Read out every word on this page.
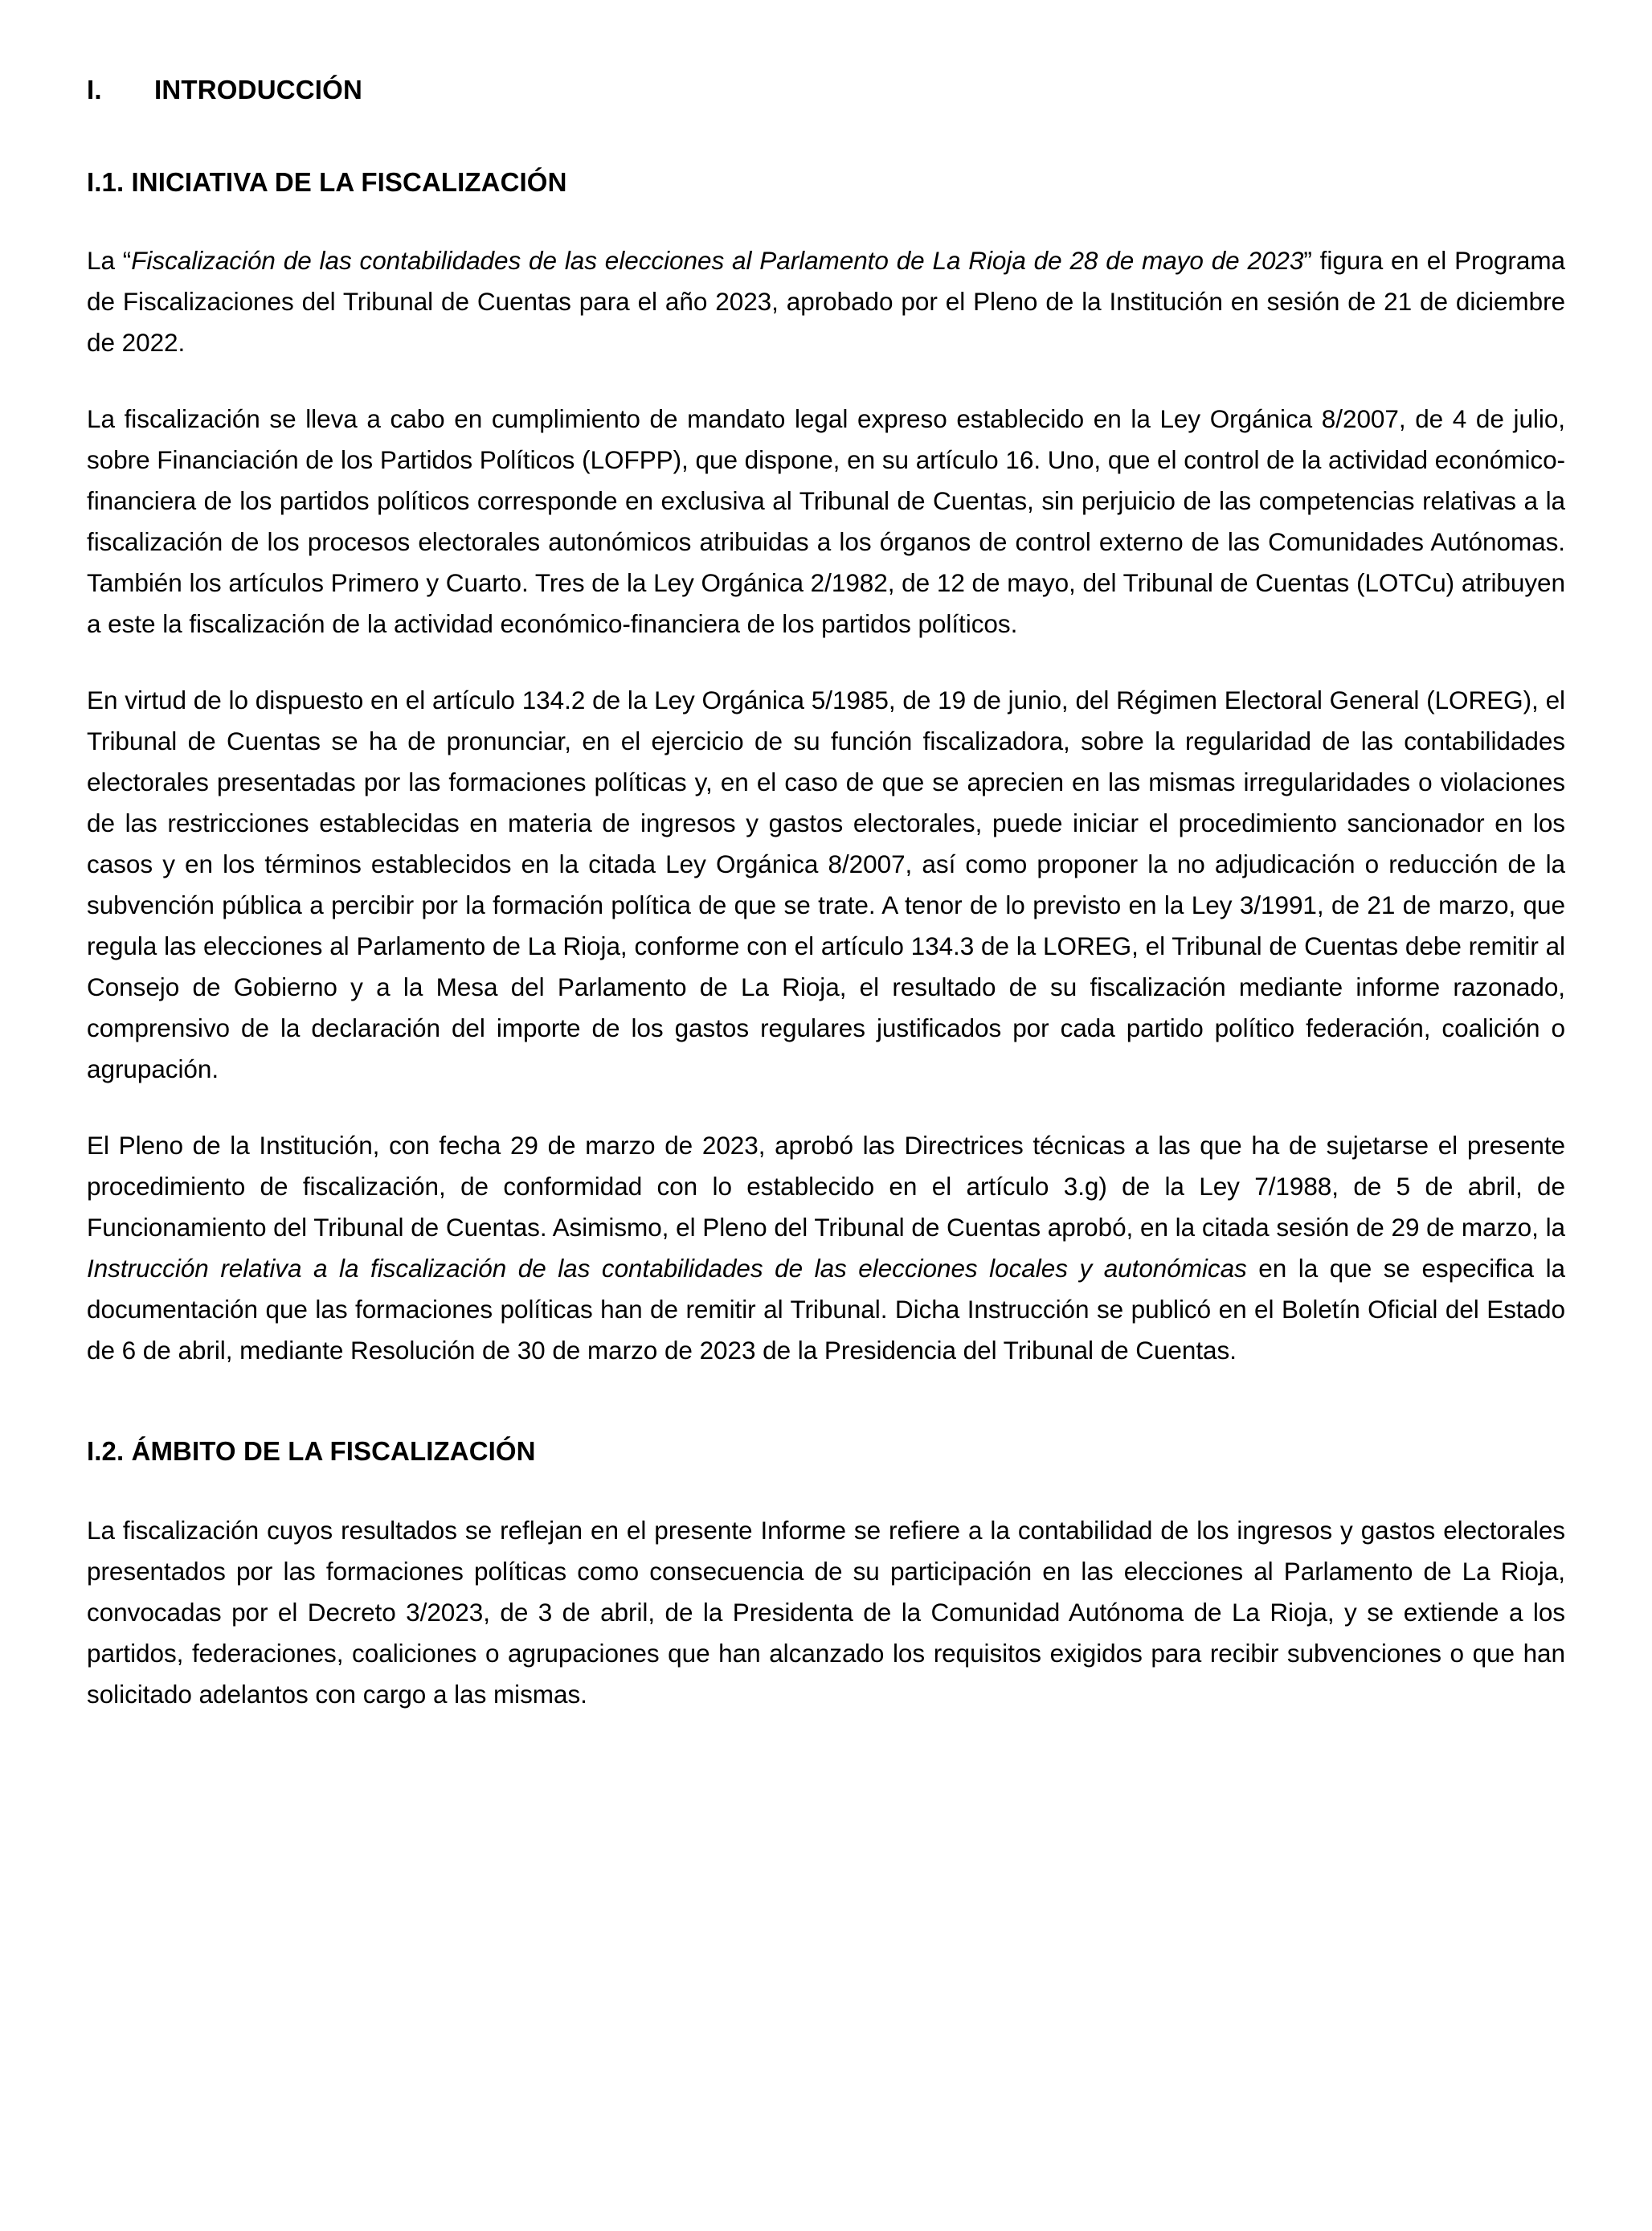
I. INTRODUCCIÓN
I.1. INICIATIVA DE LA FISCALIZACIÓN

La “Fiscalización de las contabilidades de las elecciones al Parlamento de La Rioja de 28 de mayo de 2023” figura en el Programa de Fiscalizaciones del Tribunal de Cuentas para el año 2023, aprobado por el Pleno de la Institución en sesión de 21 de diciembre de 2022.

La fiscalización se lleva a cabo en cumplimiento de mandato legal expreso establecido en la Ley Orgánica 8/2007, de 4 de julio, sobre Financiación de los Partidos Políticos (LOFPP), que dispone, en su artículo 16. Uno, que el control de la actividad económico-financiera de los partidos políticos corresponde en exclusiva al Tribunal de Cuentas, sin perjuicio de las competencias relativas a la fiscalización de los procesos electorales autonómicos atribuidas a los órganos de control externo de las Comunidades Autónomas. También los artículos Primero y Cuarto. Tres de la Ley Orgánica 2/1982, de 12 de mayo, del Tribunal de Cuentas (LOTCu) atribuyen a este la fiscalización de la actividad económico-financiera de los partidos políticos.

En virtud de lo dispuesto en el artículo 134.2 de la Ley Orgánica 5/1985, de 19 de junio, del Régimen Electoral General (LOREG), el Tribunal de Cuentas se ha de pronunciar, en el ejercicio de su función fiscalizadora, sobre la regularidad de las contabilidades electorales presentadas por las formaciones políticas y, en el caso de que se aprecien en las mismas irregularidades o violaciones de las restricciones establecidas en materia de ingresos y gastos electorales, puede iniciar el procedimiento sancionador en los casos y en los términos establecidos en la citada Ley Orgánica 8/2007, así como proponer la no adjudicación o reducción de la subvención pública a percibir por la formación política de que se trate. A tenor de lo previsto en la Ley 3/1991, de 21 de marzo, que regula las elecciones al Parlamento de La Rioja, conforme con el artículo 134.3 de la LOREG, el Tribunal de Cuentas debe remitir al Consejo de Gobierno y a la Mesa del Parlamento de La Rioja, el resultado de su fiscalización mediante informe razonado, comprensivo de la declaración del importe de los gastos regulares justificados por cada partido político federación, coalición o agrupación.

El Pleno de la Institución, con fecha 29 de marzo de 2023, aprobó las Directrices técnicas a las que ha de sujetarse el presente procedimiento de fiscalización, de conformidad con lo establecido en el artículo 3.g) de la Ley 7/1988, de 5 de abril, de Funcionamiento del Tribunal de Cuentas. Asimismo, el Pleno del Tribunal de Cuentas aprobó, en la citada sesión de 29 de marzo, la Instrucción relativa a la fiscalización de las contabilidades de las elecciones locales y autonómicas en la que se especifica la documentación que las formaciones políticas han de remitir al Tribunal. Dicha Instrucción se publicó en el Boletín Oficial del Estado de 6 de abril, mediante Resolución de 30 de marzo de 2023 de la Presidencia del Tribunal de Cuentas.

I.2. ÁMBITO DE LA FISCALIZACIÓN

La fiscalización cuyos resultados se reflejan en el presente Informe se refiere a la contabilidad de los ingresos y gastos electorales presentados por las formaciones políticas como consecuencia de su participación en las elecciones al Parlamento de La Rioja, convocadas por el Decreto 3/2023, de 3 de abril, de la Presidenta de la Comunidad Autónoma de La Rioja, y se extiende a los partidos, federaciones, coaliciones o agrupaciones que han alcanzado los requisitos exigidos para recibir subvenciones o que han solicitado adelantos con cargo a las mismas.
